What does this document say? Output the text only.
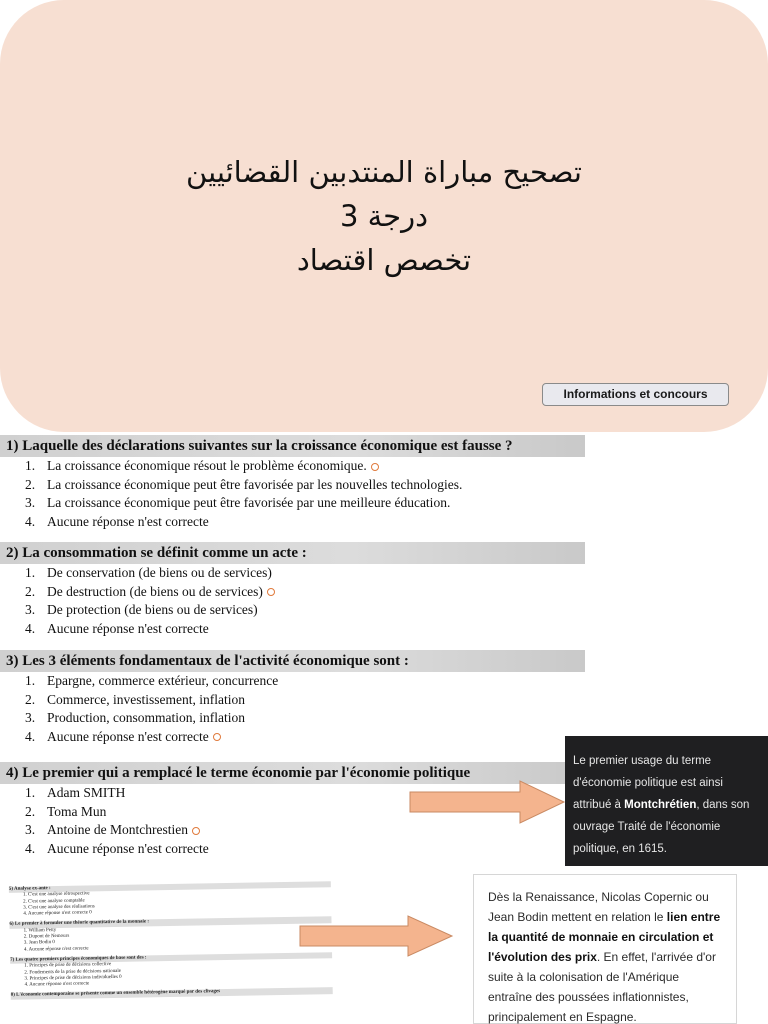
تصحيح مباراة المنتدبين القضائيين
درجة 3
تخصص اقتصاد
Informations et concours
1) Laquelle des déclarations suivantes sur la croissance économique est fausse ?
1. La croissance économique résout le problème économique.
2. La croissance économique peut être favorisée par les nouvelles technologies.
3. La croissance économique peut être favorisée par une meilleure éducation.
4. Aucune réponse n'est correcte
2) La consommation se définit comme un acte :
1. De conservation (de biens ou de services)
2. De destruction (de biens ou de services)
3. De protection (de biens ou de services)
4. Aucune réponse n'est correcte
3) Les 3 éléments fondamentaux de l'activité économique sont :
1. Epargne, commerce extérieur, concurrence
2. Commerce, investissement, inflation
3. Production, consommation, inflation
4. Aucune réponse n'est correcte
4) Le premier qui a remplacé le terme économie par l'économie politique
1. Adam SMITH
2. Toma Mun
3. Antoine de Montchrestien
4. Aucune réponse n'est correcte
Le premier usage du terme d'économie politique est ainsi attribué à Montchrétien, dans son ouvrage Traité de l'économie politique, en 1615.
5) Analyse ex-ante :
1. C'est une analyse rétrospective
2. C'est une analyse comptable
3. C'est une analyse des réalisations
4. Aucune réponse n'est correcte 0
6) Le premier à formuler une théorie quantitative de la monnaie :
1. William Petty
2. Dupont de Nemours
3. Jean Bodin 0
4. Aucune réponse n'est correcte
7) Les quatre premiers principes économiques de base sont des :
1. Principes de prise de décisions collective
2. Fondements de la prise de décisions nationale
3. Principes de prise de décisions individuelles 0
4. Aucune réponse n'est correcte
8) L'économie contemporaine se présente comme un ensemble hétérogène marqué par des clivages
Dès la Renaissance, Nicolas Copernic ou Jean Bodin mettent en relation le lien entre la quantité de monnaie en circulation et l'évolution des prix. En effet, l'arrivée d'or suite à la colonisation de l'Amérique entraîne des poussées inflationnistes, principalement en Espagne.
